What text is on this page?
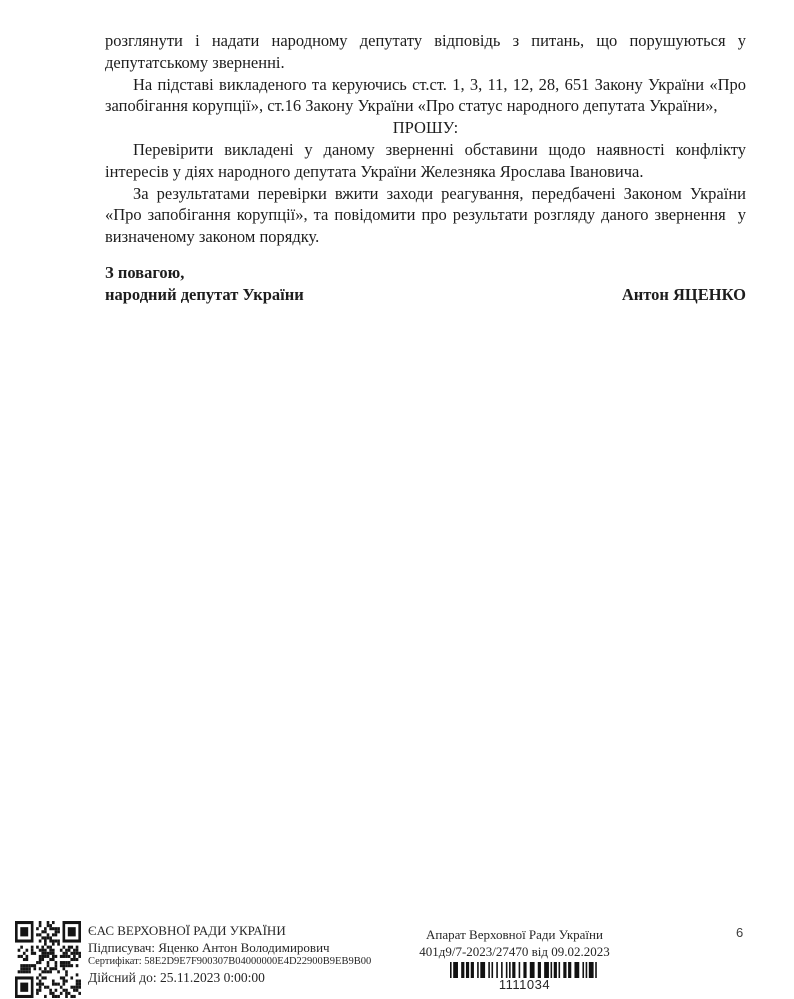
розглянути і надати народному депутату відповідь з питань, що порушуються у депутатському зверненні.

На підставі викладеного та керуючись ст.ст. 1, 3, 11, 12, 28, 651 Закону України «Про запобігання корупції», ст.16 Закону України «Про статус народного депутата України»,

ПРОШУ:

Перевірити викладені у даному зверненні обставини щодо наявності конфлікту інтересів у діях народного депутата України Железняка Ярослава Івановича.

За результатами перевірки вжити заходи реагування, передбачені Законом України «Про запобігання корупції», та повідомити про результати розгляду даного звернення  у визначеному законом порядку.

З повагою,
народний депутат України	Антон ЯЦЕНКО
ЄАС ВЕРХОВНОЇ РАДИ УКРАЇНИ
Підписувач: Яценко Антон Володимирович
Сертифікат: 58E2D9E7F900307B04000000E4D22900B9EB9B00
Дійсний до: 25.11.2023 0:00:00
Апарат Верховної Ради України
401д9/7-2023/27470 від 09.02.2023
1111034
6
